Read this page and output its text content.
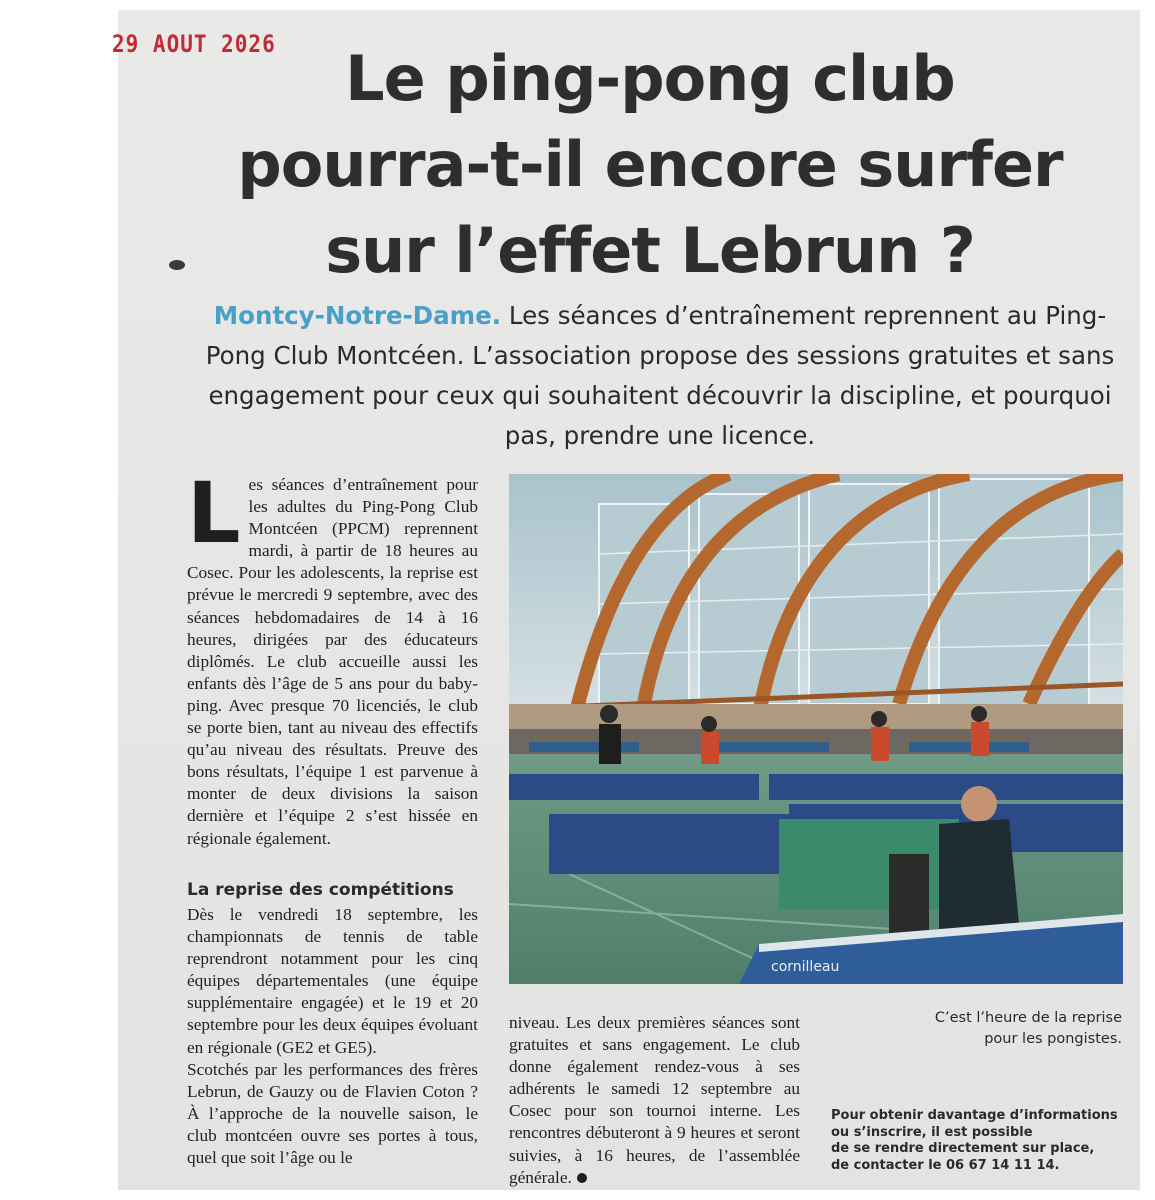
29 AOUT 2026	Le ping-pong club
pourra-t-il encore surfer
sur l’effet Lebrun ?
Montcy-Notre-Dame. Les séances d’entraînement reprennent au Ping-Pong Club Montcéen. L’association propose des sessions gratuites et sans engagement pour ceux qui souhaitent découvrir la discipline, et pourquoi pas, prendre une licence.
Les séances d’entraînement pour les adultes du Ping-Pong Club Montcéen (PPCM) reprennent mardi, à partir de 18 heures au Cosec. Pour les adolescents, la reprise est prévue le mercredi 9 septembre, avec des séances hebdomadaires de 14 à 16 heures, dirigées par des éducateurs diplômés. Le club accueille aussi les enfants dès l’âge de 5 ans pour du baby-ping. Avec presque 70 licenciés, le club se porte bien, tant au niveau des effectifs qu’au niveau des résultats. Preuve des bons résultats, l’équipe 1 est parvenue à monter de deux divisions la saison dernière et l’équipe 2 s’est hissée en régionale également.
La reprise des compétitions
Dès le vendredi 18 septembre, les championnats de tennis de table reprendront notamment pour les cinq équipes départementales (une équipe supplémentaire engagée) et le 19 et 20 septembre pour les deux équipes évoluant en régionale (GE2 et GE5).
Scotchés par les performances des frères Lebrun, de Gauzy ou de Flavien Coton ? À l’approche de la nouvelle saison, le club montcéen ouvre ses portes à tous, quel que soit l’âge ou le
niveau. Les deux premières séances sont gratuites et sans engagement. Le club donne également rendez-vous à ses adhérents le samedi 12 septembre au Cosec pour son tournoi interne. Les rencontres débuteront à 9 heures et seront suivies, à 16 heures, de l’assemblée générale.
cornilleau
C’est l’heure de la reprise
pour les pongistes.
Pour obtenir davantage d’informations
ou s’inscrire, il est possible
de se rendre directement sur place,
de contacter le 06 67 14 11 14.
